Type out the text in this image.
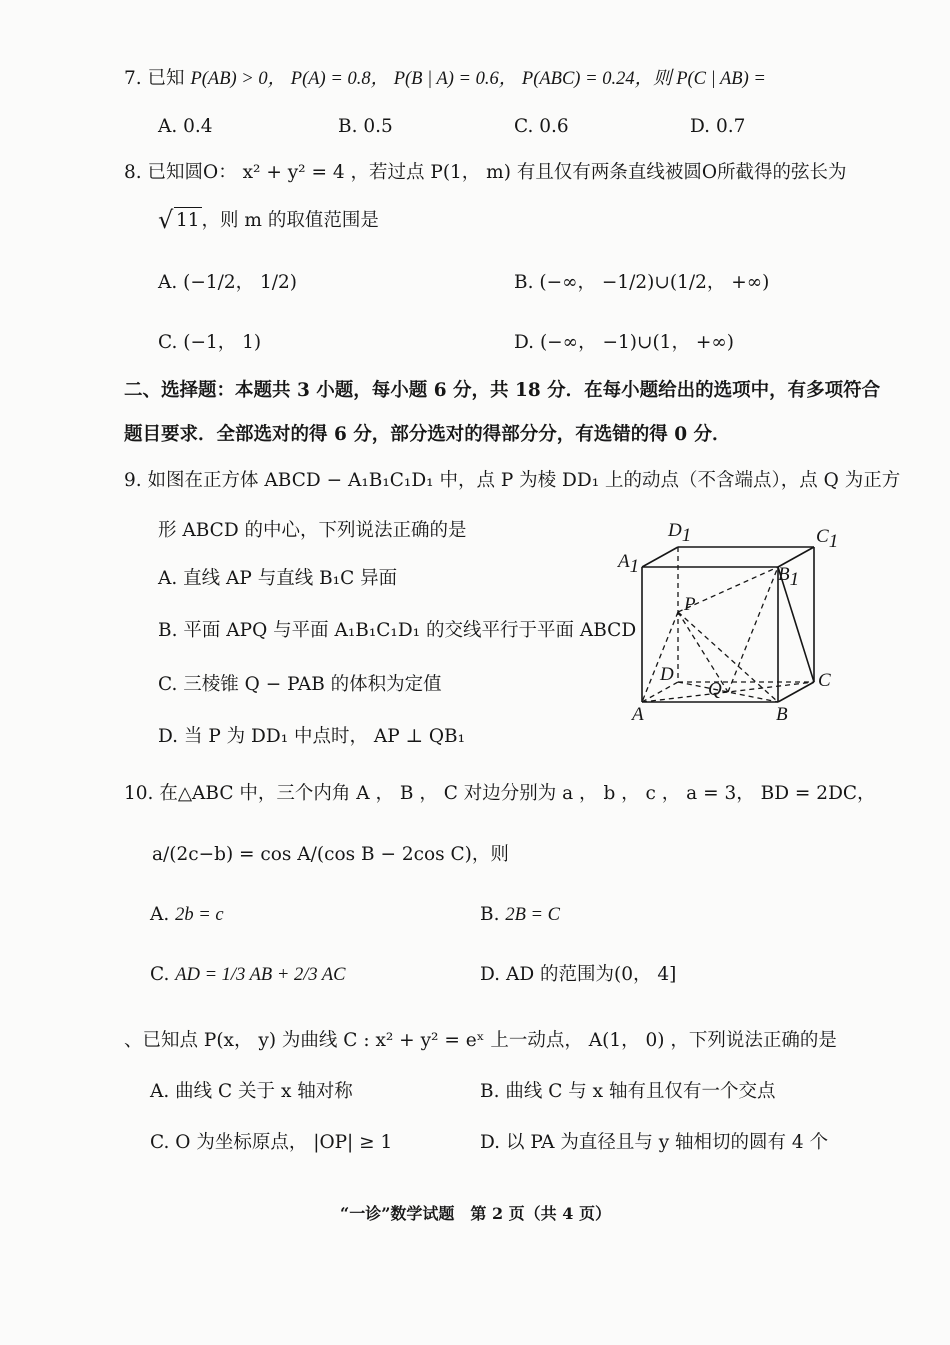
7. 已知 P(AB) > 0， P(A) = 0.8， P(B | A) = 0.6， P(ABC) = 0.24，则 P(C | AB) =
A. 0.4	B. 0.5	C. 0.6	D. 0.7
8. 已知圆O： x² + y² = 4 ，若过点 P(1， m) 有且仅有两条直线被圆O所截得的弦长为
√ 11 ，则 m 的取值范围是
A. (−1/2， 1/2)	B. (−∞， −1/2)∪(1/2， +∞)
C. (−1， 1)	D. (−∞， −1)∪(1， +∞)
二、选择题：本题共 3 小题，每小题 6 分，共 18 分．在每小题给出的选项中，有多项符合
题目要求．全部选对的得 6 分，部分选对的得部分分，有选错的得 0 分．
9. 如图在正方体 ABCD − A₁B₁C₁D₁ 中，点 P 为棱 DD₁ 上的动点（不含端点），点 Q 为正方
形 ABCD 的中心，下列说法正确的是
A. 直线 AP 与直线 B₁C 异面
B. 平面 APQ 与平面 A₁B₁C₁D₁ 的交线平行于平面 ABCD
C. 三棱锥 Q − PAB 的体积为定值
D. 当 P 为 DD₁ 中点时， AP ⊥ QB₁
A1
D1	C1
B1
P
D
Q	C
A	B
10. 在△ABC 中，三个内角 A ， B ， C 对边分别为 a ， b ， c ， a = 3， BD = 2DC，
a/(2c−b) = cos A/(cos B − 2cos C)，则
A. 2b = c	B. 2B = C
C. AD = 1/3 AB + 2/3 AC	D. AD 的范围为(0， 4]
、已知点 P(x， y) 为曲线 C : x² + y² = eˣ 上一动点， A(1， 0) ，下列说法正确的是
A. 曲线 C 关于 x 轴对称	B. 曲线 C 与 x 轴有且仅有一个交点
C. O 为坐标原点， |OP| ≥ 1	D. 以 PA 为直径且与 y 轴相切的圆有 4 个
“一诊”数学试题　第 2 页（共 4 页）
